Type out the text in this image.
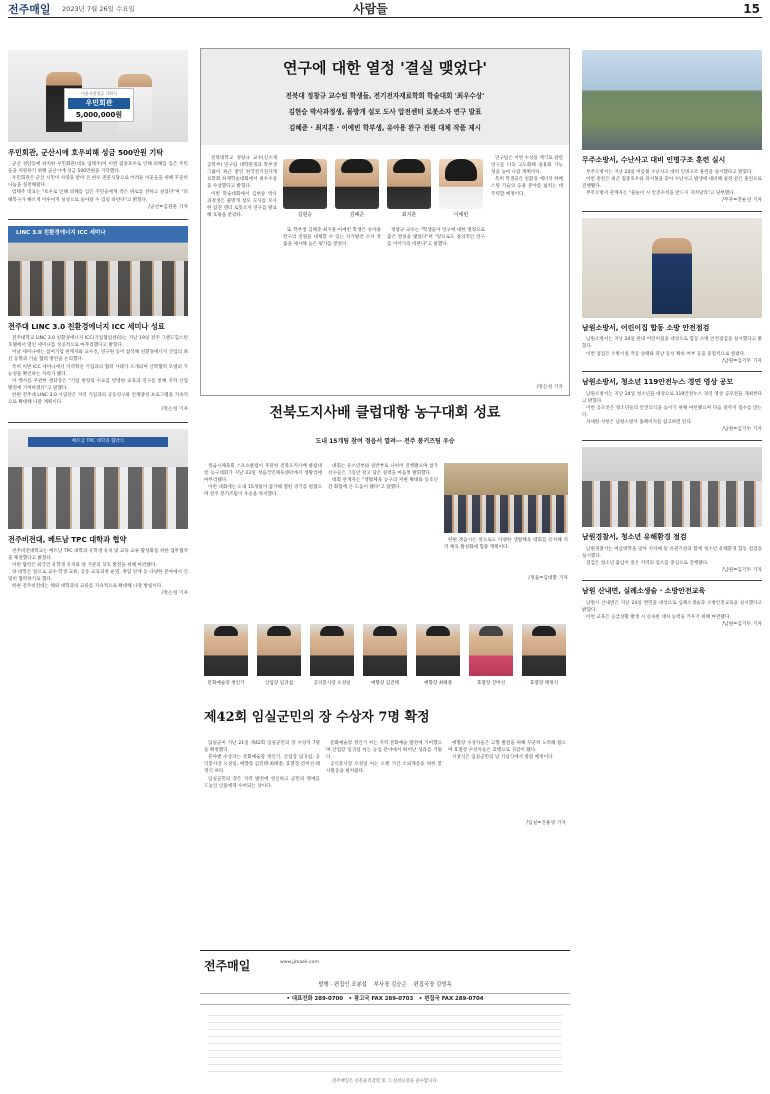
전주매일 2023년 7월 26일 수요일	사람들	15
이웃사랑성금 기탁식
우민회관
5,000,000원
우민회관, 군산시에 호우피해 성금 500만원 기탁

군산 경암동에 위치한 우민회관(대표 엄태주)이 이번 집중호우로 인해 피해를 입은 주민들을 지원하기 위해 군산시에 성금 500만원을 기탁했다.

우민회관은 군산 시민이 사랑을 받아 온 한우 전문식당으로 어려운 이웃들을 위해 꾸준히 나눔을 실천해왔다.

엄태주 대표는 "호우로 인해 피해를 입은 주민들에게 작은 위로를 전하고 싶었다"며 "피해복구가 빠르게 이루어져 일상으로 돌아갈 수 있길 바란다"고 밝혔다.

/군산=김관훈 기자
LINC 3.0 친환경에너지 ICC 세미나
전주대 LINC 3.0 친환경에너지 ICC 세미나 성료

전주대학교 LINC 3.0 친환경에너지 ICC(기업협업센터)는 지난 19일 전주 그랜드힐스턴 호텔에서 열린 세미나를 성공적으로 마무리했다고 밝혔다.

이날 세미나에는 참여기업 관계자와 교수진, 연구원 등이 참석해 친환경에너지 산업의 최신 동향과 기술 협력 방안을 논의했다.

특히 이번 ICC 세미나에서 지역혁신 기업과의 협력 사례가 소개되며 산학협력 모델의 가능성을 확인하는 자리가 됐다.

이 행사를 주관한 센터장은 "기업 현장의 수요를 반영한 교육과 연구를 통해 지역 산업 발전에 기여하겠다"고 말했다.

한편 전주대 LINC 3.0 사업단은 지역 기업과의 공동연구와 인재양성 프로그램을 지속적으로 확대해 나갈 계획이다.

/정은성 기자
베트남 TPC 대학과 협약식
전주비전대, 베트남 TPC 대학과 협약

전주비전대학교는 베트남 TPC 대학과 유학생 유치 및 교육 교류 활성화를 위한 업무협약을 체결했다고 밝혔다.

이번 협약은 외국인 유학생 유치와 양 기관의 상호 발전을 위해 마련됐다.

양 대학은 앞으로 교수·학생 교류, 공동 교육과정 운영, 취업 연계 등 다양한 분야에서 긴밀히 협력하기로 했다.

한편 전주비전대는 해외 대학과의 교류를 지속적으로 확대해 나갈 방침이다.

/정은성 기자
연구에 대한 열정 '결실 맺었다'
전북대 정창규 교수팀 학생들, 전기전자재료학회 학술대회 '최우수상'
김현승 박사과정생, 몰방개 설모 도사 압전센터 로봇소자 연구 발표
김혜준 · 최지훈 · 이예빈 학부생, 유아용 완구 전원 대체 작품 제시

전북대학교 정창규 교수(신소재공학부) 연구팀 대학원생과 학부생 그룹이 최근 열린 한국전기전자재료학회 하계학술대회에서 최우수상을 수상했다고 밝혔다.

이번 학술대회에서 김현승 박사과정생은 물방개 설모 도사를 모사한 압전 센터 로봇소자 연구를 발표해 호평을 받았다.	김현승	김혜준	최지훈	이예빈

연구팀은 이번 수상을 계기로 관련 연구를 더욱 고도화해 실용화 가능성을 높여 나갈 계획이다.

특히 학생들은 친환경 에너지 하베스팅 기술의 응용 분야를 넓히는 데 주력할 예정이다.

또 학부생 김혜준·최지훈·이예빈 학생은 유아용 완구의 전원을 대체할 수 있는 자가발전 소자 작품을 제시해 높은 평가를 받았다.

정창규 교수는 "학생들이 연구에 대한 열정으로 좋은 결실을 맺었다"며 "앞으로도 창의적인 연구를 이어가길 바란다"고 말했다.

/정은성 기자
전북도지사배 클럽대항 농구대회 성료
도내 15개팀 참여 정읍서 열려⋯ 전주 퐁키즈팀 우승

정읍시체육회 스포츠클럽이 주관한 전북도지사배 클럽대항 농구대회가 지난 22일 정읍국민체육센터에서 성황리에 마무리됐다.

이번 대회에는 도내 15개팀이 참가해 열띤 경기를 펼쳤으며 전주 퐁키즈팀이 우승을 차지했다.

대회는 유소년부와 일반부로 나뉘어 진행됐으며 참가 선수들은 그동안 갈고 닦은 실력을 마음껏 발휘했다.

대회 관계자는 "생활체육 농구의 저변 확대와 동호인 간 화합에 큰 도움이 됐다"고 말했다.

한편 정읍시는 앞으로도 다양한 생활체육 대회를 유치해 지역 체육 활성화에 힘쓸 계획이다.

/정읍=김대환 기자
문화예술장 정인기	산업장 임귀섭	공익봉사장 오성일	애향장 김진태	애향장 최태종	효열장 진미선	효열장 태정식
제42회 임실군민의 장 수상자 7명 확정

임실군이 지난 21일 제42회 임실군민의 장 수상자 7명을 확정했다.

분야별 수상자는 문화예술장 정인기, 산업장 임귀섭, 공익봉사장 오성일, 애향장 김진태·최태종, 효열장 진미선·태정식 씨다.

임실군민의 장은 지역 발전에 헌신하고 군민의 명예를 드높인 인물에게 수여되는 상이다.

문화예술장 정인기 씨는 지역 문화예술 발전에 기여했으며 산업장 임귀섭 씨는 농업 분야에서 뛰어난 성과를 거뒀다.

공익봉사장 오성일 씨는 오랜 기간 소외계층을 위한 봉사활동을 펼쳐왔다.

애향장 수상자들은 고향 발전을 위해 꾸준히 노력해 왔으며 효열장 수상자들은 효행으로 귀감이 됐다.

시상식은 임실군민의 날 기념식에서 열릴 예정이다.

/임실=진홍영 기자
전주매일	www.jjmaeil.com
발행 · 편집인 조봉섭 부사장 김승곤 편집국장 김영옥
• 대표전화 289-0700 • 광고국 FAX 289-0703 • 편집국 FAX 289-0704
전주매일은 신문윤리강령 및 그 실천요강을 준수합니다.
무주소방서, 수난사고 대비 인명구조 훈련 실시

무주소방서는 지난 24일 여름철 수난사고 대비 인명구조 훈련을 실시했다고 밝혔다.

이번 훈련은 최근 집중호우와 피서철을 맞아 수난사고 발생에 대비해 실전 같은 훈련으로 진행됐다.

무주소방서 관계자는 "물놀이 시 안전수칙을 반드시 지켜달라"고 당부했다.

/무주=전운선 기자
남원소방서, 어린이집 합동 소방 안전점검

남원소방서는 지난 24일 관내 어린이집을 대상으로 합동 소방 안전점검을 실시했다고 밝혔다.

이번 점검은 소방시설 작동 상태와 피난 동선 확보 여부 등을 중점적으로 살폈다.

/남원=김기두 기자
남원소방서, 청소년 119안전누스 경연 영상 공모

남원소방서는 지난 24일 청소년을 대상으로 119안전누스 경연 영상 공모전을 개최한다고 밝혔다.

이번 공모전은 청소년들의 안전의식을 높이기 위해 마련됐으며 다음 달까지 접수를 받는다.

자세한 사항은 남원소방서 홈페이지를 참고하면 된다.

/남원=김기두 기자
남원경찰서, 청소년 유해환경 점검

남원경찰서는 여름방학을 맞아 지자체 및 유관기관과 함께 청소년 유해환경 합동 점검을 실시했다.

점검은 청소년 출입이 잦은 지역의 업소를 중심으로 진행됐다.

/남원=김기두 기자
남원 산내면, 실례소생술 · 소방안전교육

남원시 산내면은 지난 24일 면민을 대상으로 심폐소생술과 소방안전교육을 실시했다고 밝혔다.

이번 교육은 응급상황 발생 시 신속한 대처 능력을 키우기 위해 마련됐다.

/남원=김기두 기자
